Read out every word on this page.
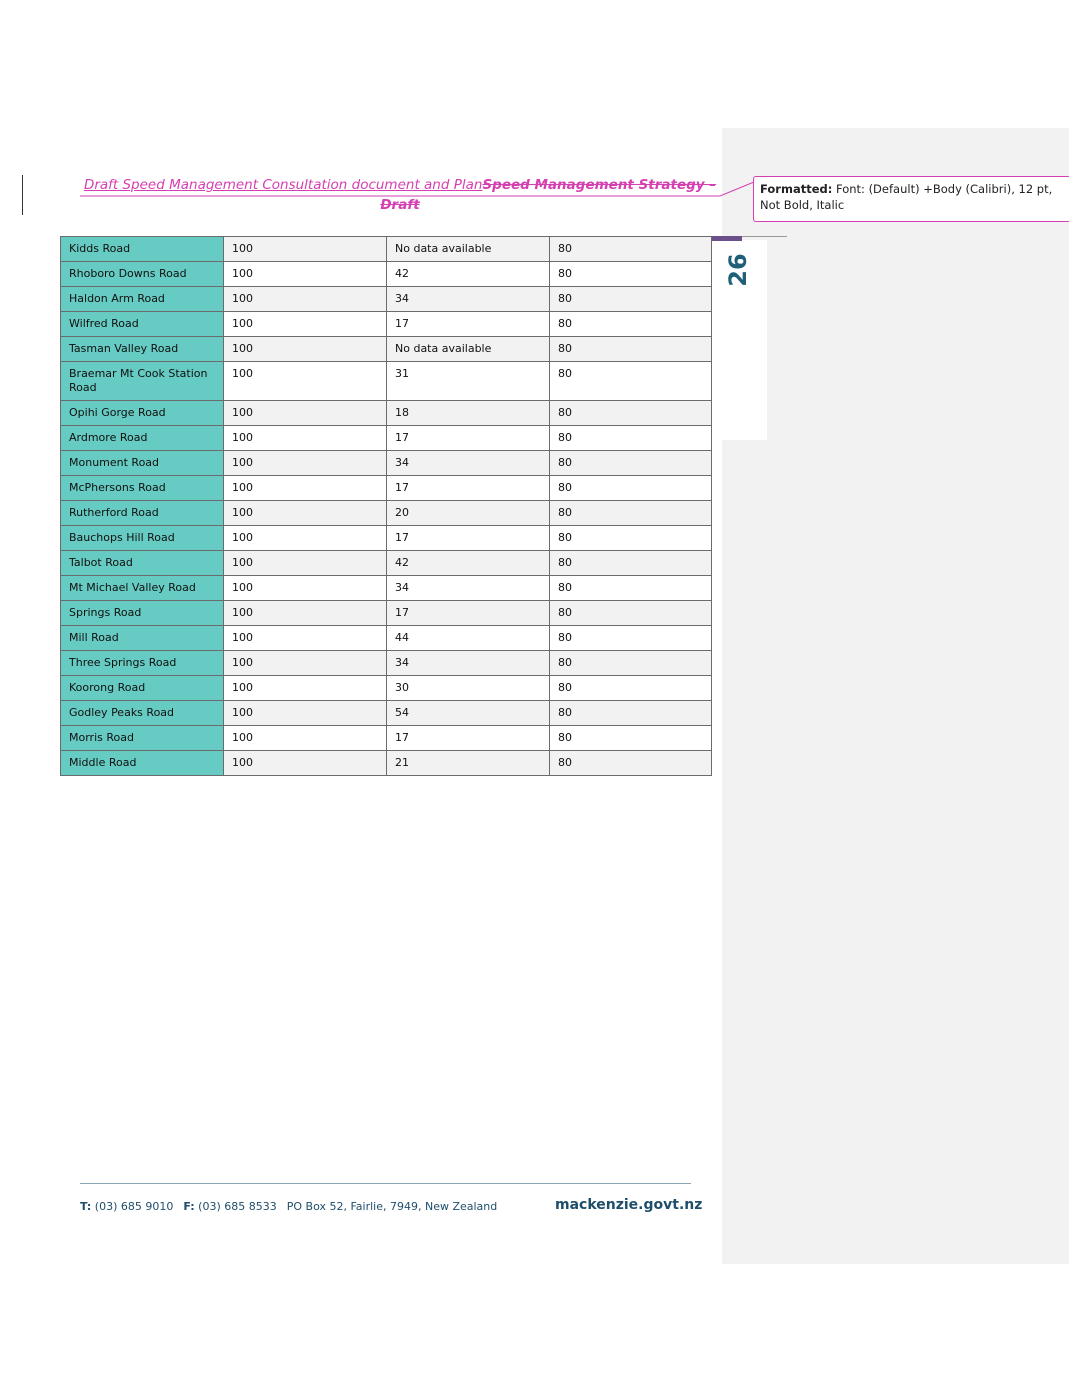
Draft Speed Management Consultation document and PlanSpeed Management Strategy – Draft
Formatted: Font: (Default) +Body (Calibri), 12 pt, Not Bold, Italic
26
Kidds Road	100	No data available	80
Rhoboro Downs Road	100	42	80
Haldon Arm Road	100	34	80
Wilfred Road	100	17	80
Tasman Valley Road	100	No data available	80
Braemar Mt Cook Station Road	100	31	80
Opihi Gorge Road	100	18	80
Ardmore Road	100	17	80
Monument Road	100	34	80
McPhersons Road	100	17	80
Rutherford Road	100	20	80
Bauchops Hill Road	100	17	80
Talbot Road	100	42	80
Mt Michael Valley Road	100	34	80
Springs Road	100	17	80
Mill Road	100	44	80
Three Springs Road	100	34	80
Koorong Road	100	30	80
Godley Peaks Road	100	54	80
Morris Road	100	17	80
Middle Road	100	21	80
T: (03) 685 9010 F: (03) 685 8533 PO Box 52, Fairlie, 7949, New Zealand	mackenzie.govt.nz
